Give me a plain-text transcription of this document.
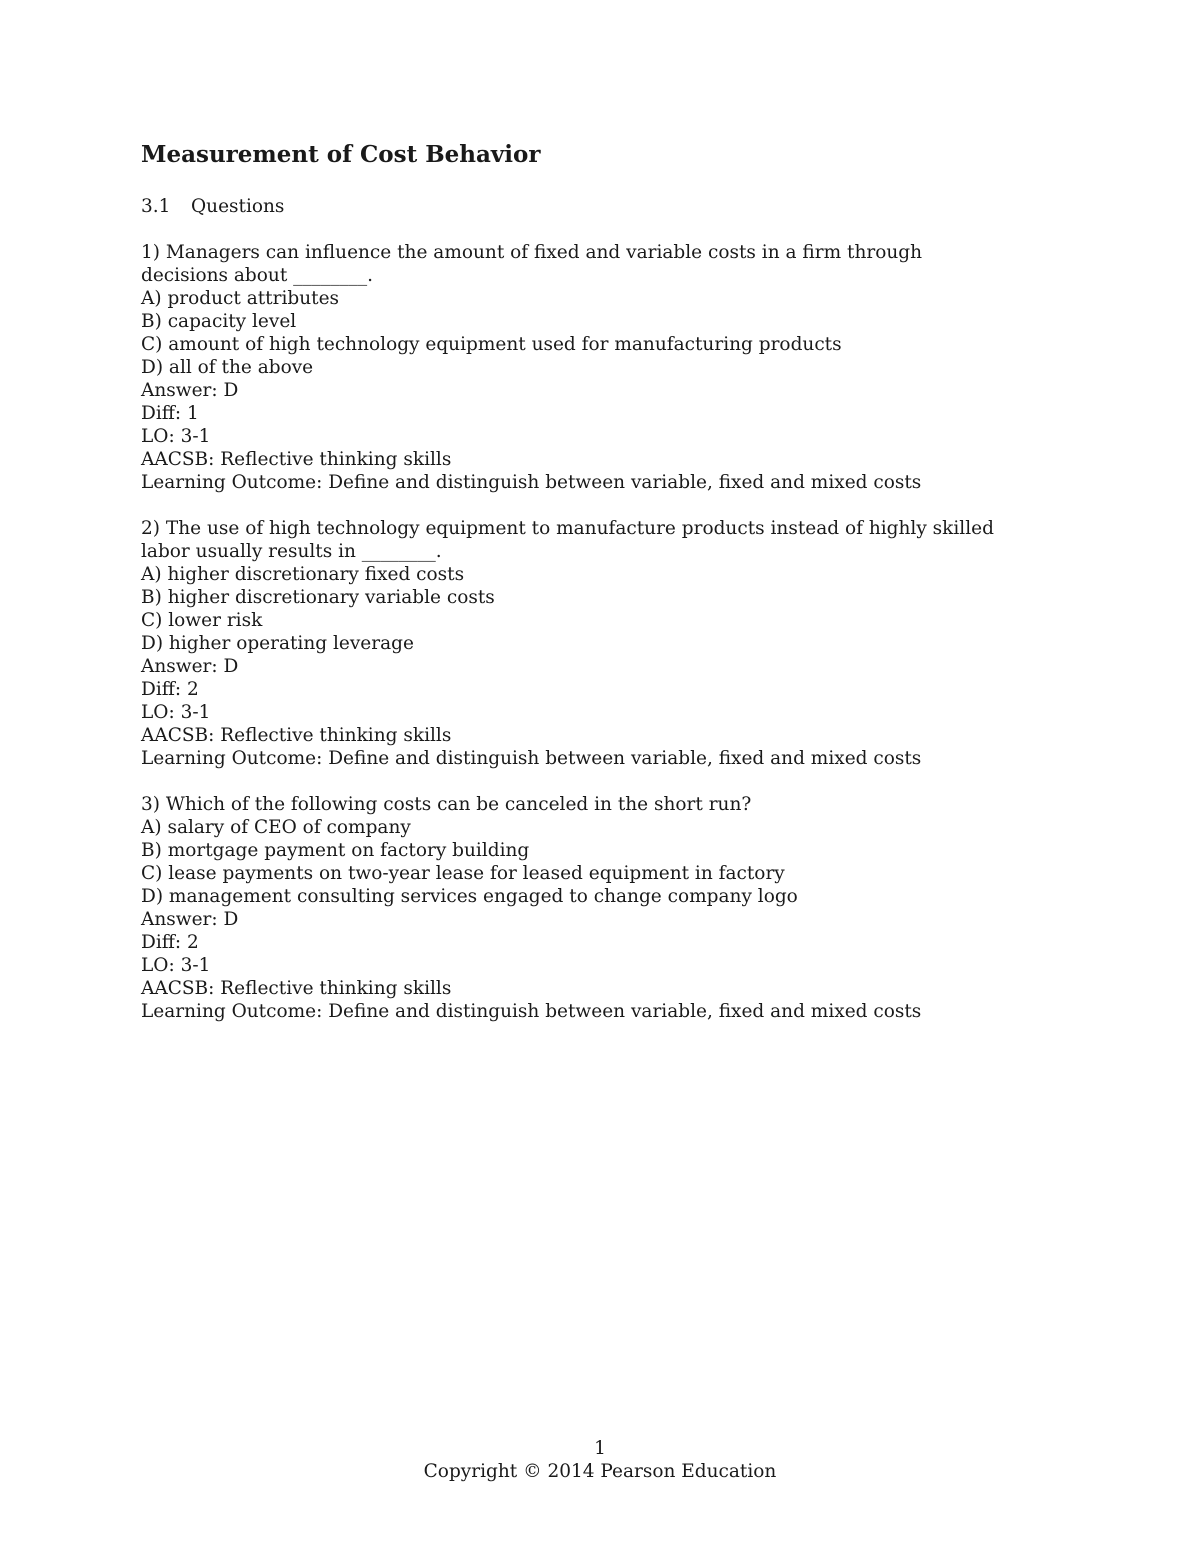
Measurement of Cost Behavior
3.1 Questions
1) Managers can influence the amount of fixed and variable costs in a firm through
decisions about ________.
A) product attributes
B) capacity level
C) amount of high technology equipment used for manufacturing products
D) all of the above
Answer: D
Diff: 1
LO: 3-1
AACSB: Reflective thinking skills
Learning Outcome: Define and distinguish between variable, fixed and mixed costs
2) The use of high technology equipment to manufacture products instead of highly skilled
labor usually results in ________.
A) higher discretionary fixed costs
B) higher discretionary variable costs
C) lower risk
D) higher operating leverage
Answer: D
Diff: 2
LO: 3-1
AACSB: Reflective thinking skills
Learning Outcome: Define and distinguish between variable, fixed and mixed costs
3) Which of the following costs can be canceled in the short run?
A) salary of CEO of company
B) mortgage payment on factory building
C) lease payments on two-year lease for leased equipment in factory
D) management consulting services engaged to change company logo
Answer: D
Diff: 2
LO: 3-1
AACSB: Reflective thinking skills
Learning Outcome: Define and distinguish between variable, fixed and mixed costs
1
Copyright © 2014 Pearson Education
